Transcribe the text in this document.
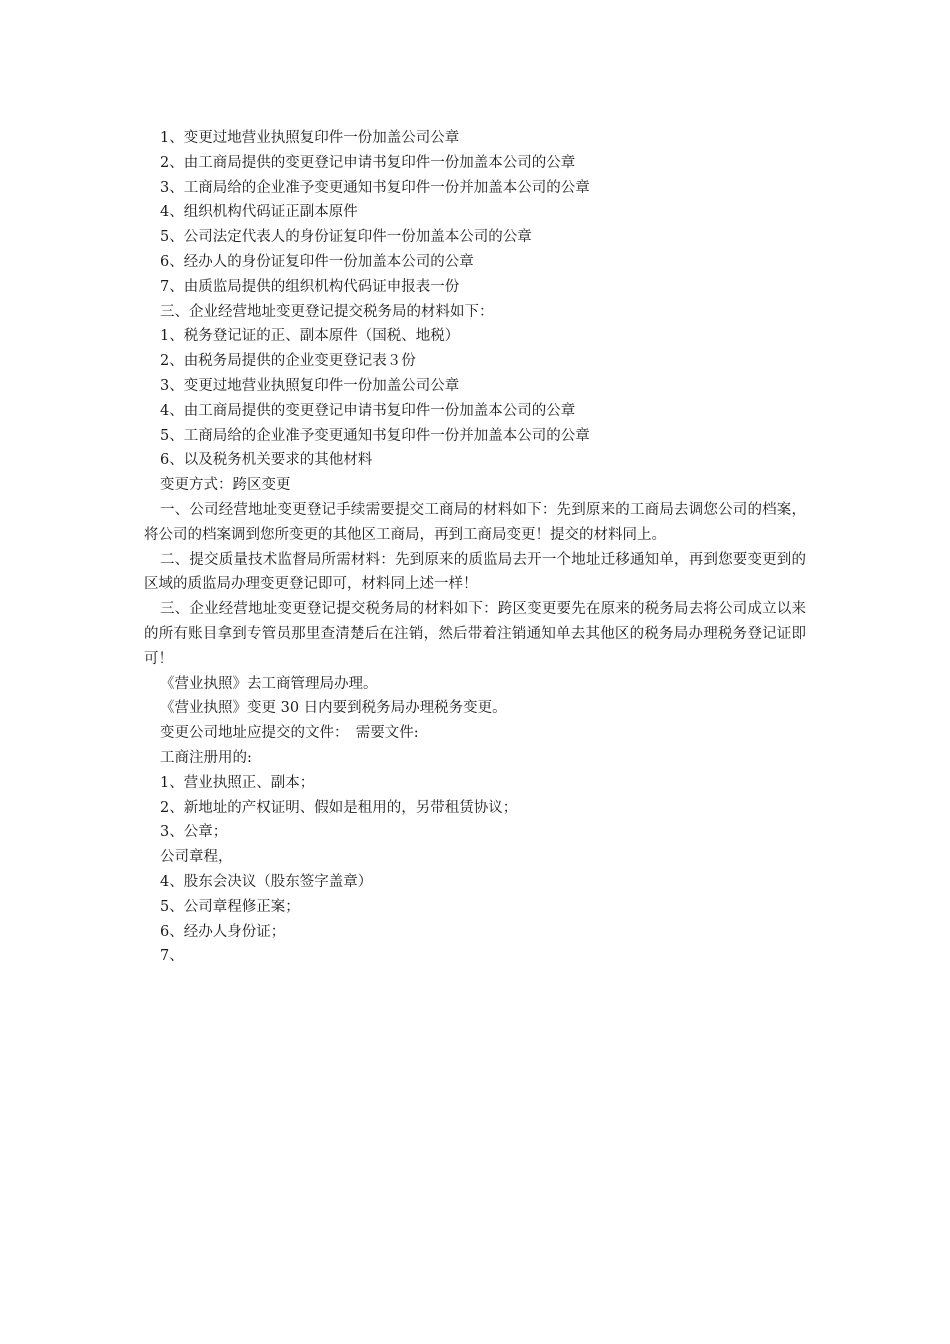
1、变更过地营业执照复印件一份加盖公司公章

2、由工商局提供的变更登记申请书复印件一份加盖本公司的公章

3、工商局给的企业准予变更通知书复印件一份并加盖本公司的公章

4、组织机构代码证正副本原件

5、公司法定代表人的身份证复印件一份加盖本公司的公章

6、经办人的身份证复印件一份加盖本公司的公章

7、由质监局提供的组织机构代码证申报表一份

三、企业经营地址变更登记提交税务局的材料如下：

1、税务登记证的正、副本原件（国税、地税）

2、由税务局提供的企业变更登记表３份

3、变更过地营业执照复印件一份加盖公司公章

4、由工商局提供的变更登记申请书复印件一份加盖本公司的公章

5、工商局给的企业准予变更通知书复印件一份并加盖本公司的公章

6、以及税务机关要求的其他材料

变更方式：跨区变更

一、公司经营地址变更登记手续需要提交工商局的材料如下：先到原来的工商局去调您公司的档案，将公司的档案调到您所变更的其他区工商局，再到工商局变更！提交的材料同上。

二、提交质量技术监督局所需材料：先到原来的质监局去开一个地址迁移通知单，再到您要变更到的区域的质监局办理变更登记即可，材料同上述一样！

三、企业经营地址变更登记提交税务局的材料如下：跨区变更要先在原来的税务局去将公司成立以来的所有账目拿到专管员那里查清楚后在注销，然后带着注销通知单去其他区的税务局办理税务登记证即可！

《营业执照》去工商管理局办理。

《营业执照》变更 30 日内要到税务局办理税务变更。

变更公司地址应提交的文件：　需要文件:

工商注册用的:

1、营业执照正、副本；

2、新地址的产权证明、假如是租用的，另带租赁协议；

3、公章；

公司章程，

4、股东会决议（股东签字盖章）

5、公司章程修正案；

6、经办人身份证；

7、
